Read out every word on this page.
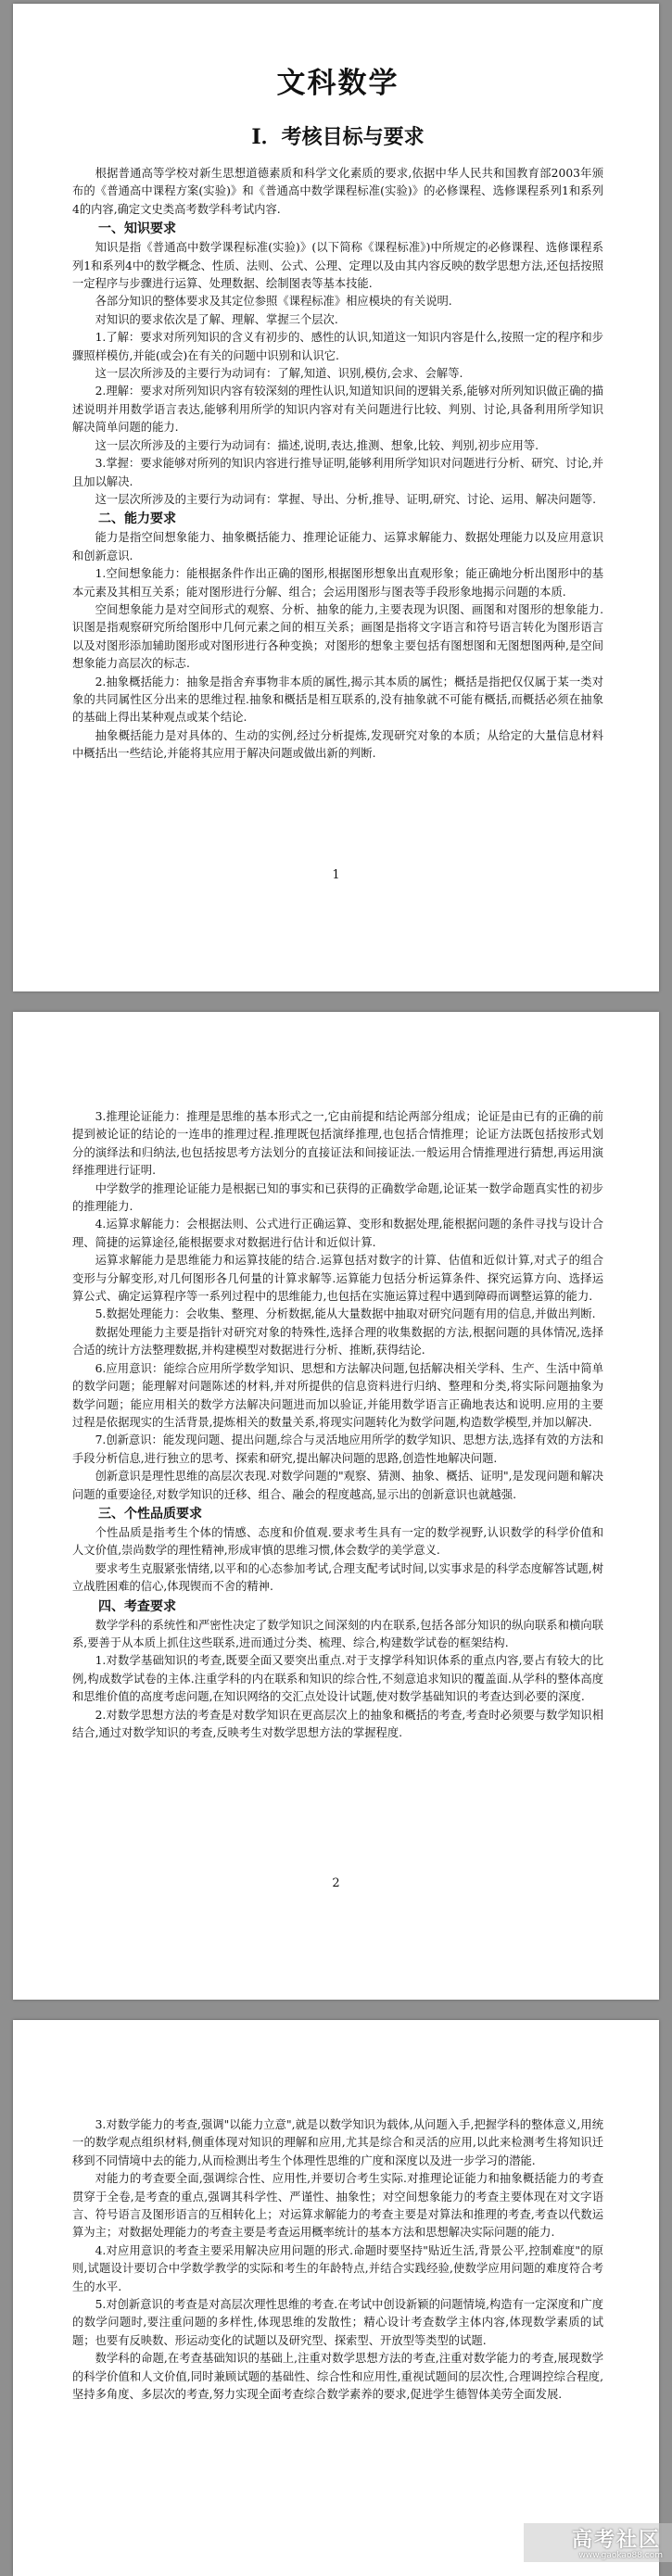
文科数学
Ⅰ．考核目标与要求

根据普通高等学校对新生思想道德素质和科学文化素质的要求,依据中华人民共和国教育部2003年颁布的《普通高中课程方案(实验)》和《普通高中数学课程标准(实验)》的必修课程、选修课程系列1和系列4的内容,确定文史类高考数学科考试内容.

一、知识要求

知识是指《普通高中数学课程标准(实验)》(以下简称《课程标准》)中所规定的必修课程、选修课程系列1和系列4中的数学概念、性质、法则、公式、公理、定理以及由其内容反映的数学思想方法,还包括按照一定程序与步骤进行运算、处理数据、绘制图表等基本技能.

各部分知识的整体要求及其定位参照《课程标准》相应模块的有关说明.

对知识的要求依次是了解、理解、掌握三个层次.

1.了解：要求对所列知识的含义有初步的、感性的认识,知道这一知识内容是什么,按照一定的程序和步骤照样模仿,并能(或会)在有关的问题中识别和认识它.

这一层次所涉及的主要行为动词有：了解,知道、识别,模仿,会求、会解等.

2.理解：要求对所列知识内容有较深刻的理性认识,知道知识间的逻辑关系,能够对所列知识做正确的描述说明并用数学语言表达,能够利用所学的知识内容对有关问题进行比较、判别、讨论,具备利用所学知识解决简单问题的能力.

这一层次所涉及的主要行为动词有：描述,说明,表达,推测、想象,比较、判别,初步应用等.

3.掌握：要求能够对所列的知识内容进行推导证明,能够利用所学知识对问题进行分析、研究、讨论,并且加以解决.

这一层次所涉及的主要行为动词有：掌握、导出、分析,推导、证明,研究、讨论、运用、解决问题等.

二、能力要求

能力是指空间想象能力、抽象概括能力、推理论证能力、运算求解能力、数据处理能力以及应用意识和创新意识.

1.空间想象能力：能根据条件作出正确的图形,根据图形想象出直观形象；能正确地分析出图形中的基本元素及其相互关系；能对图形进行分解、组合；会运用图形与图表等手段形象地揭示问题的本质.

空间想象能力是对空间形式的观察、分析、抽象的能力,主要表现为识图、画图和对图形的想象能力.识图是指观察研究所给图形中几何元素之间的相互关系；画图是指将文字语言和符号语言转化为图形语言以及对图形添加辅助图形或对图形进行各种变换；对图形的想象主要包括有图想图和无图想图两种,是空间想象能力高层次的标志.

2.抽象概括能力：抽象是指舍弃事物非本质的属性,揭示其本质的属性；概括是指把仅仅属于某一类对象的共同属性区分出来的思维过程.抽象和概括是相互联系的,没有抽象就不可能有概括,而概括必须在抽象的基础上得出某种观点或某个结论.

抽象概括能力是对具体的、生动的实例,经过分析提炼,发现研究对象的本质；从给定的大量信息材料中概括出一些结论,并能将其应用于解决问题或做出新的判断.

1

3.推理论证能力：推理是思维的基本形式之一,它由前提和结论两部分组成；论证是由已有的正确的前提到被论证的结论的一连串的推理过程.推理既包括演绎推理,也包括合情推理；论证方法既包括按形式划分的演绎法和归纳法,也包括按思考方法划分的直接证法和间接证法.一般运用合情推理进行猜想,再运用演绎推理进行证明.

中学数学的推理论证能力是根据已知的事实和已获得的正确数学命题,论证某一数学命题真实性的初步的推理能力.

4.运算求解能力：会根据法则、公式进行正确运算、变形和数据处理,能根据问题的条件寻找与设计合理、简捷的运算途径,能根据要求对数据进行估计和近似计算.

运算求解能力是思维能力和运算技能的结合.运算包括对数字的计算、估值和近似计算,对式子的组合变形与分解变形,对几何图形各几何量的计算求解等.运算能力包括分析运算条件、探究运算方向、选择运算公式、确定运算程序等一系列过程中的思维能力,也包括在实施运算过程中遇到障碍而调整运算的能力.

5.数据处理能力：会收集、整理、分析数据,能从大量数据中抽取对研究问题有用的信息,并做出判断.

数据处理能力主要是指针对研究对象的特殊性,选择合理的收集数据的方法,根据问题的具体情况,选择合适的统计方法整理数据,并构建模型对数据进行分析、推断,获得结论.

6.应用意识：能综合应用所学数学知识、思想和方法解决问题,包括解决相关学科、生产、生活中简单的数学问题；能理解对问题陈述的材料,并对所提供的信息资料进行归纳、整理和分类,将实际问题抽象为数学问题；能应用相关的数学方法解决问题进而加以验证,并能用数学语言正确地表达和说明.应用的主要过程是依据现实的生活背景,提炼相关的数量关系,将现实问题转化为数学问题,构造数学模型,并加以解决.

7.创新意识：能发现问题、提出问题,综合与灵活地应用所学的数学知识、思想方法,选择有效的方法和手段分析信息,进行独立的思考、探索和研究,提出解决问题的思路,创造性地解决问题.

创新意识是理性思维的高层次表现.对数学问题的"观察、猜测、抽象、概括、证明",是发现问题和解决问题的重要途径,对数学知识的迁移、组合、融会的程度越高,显示出的创新意识也就越强.

三、个性品质要求

个性品质是指考生个体的情感、态度和价值观.要求考生具有一定的数学视野,认识数学的科学价值和人文价值,崇尚数学的理性精神,形成审慎的思维习惯,体会数学的美学意义.

要求考生克服紧张情绪,以平和的心态参加考试,合理支配考试时间,以实事求是的科学态度解答试题,树立战胜困难的信心,体现锲而不舍的精神.

四、考查要求

数学学科的系统性和严密性决定了数学知识之间深刻的内在联系,包括各部分知识的纵向联系和横向联系,要善于从本质上抓住这些联系,进而通过分类、梳理、综合,构建数学试卷的框架结构.

1.对数学基础知识的考查,既要全面又要突出重点.对于支撑学科知识体系的重点内容,要占有较大的比例,构成数学试卷的主体.注重学科的内在联系和知识的综合性,不刻意追求知识的覆盖面.从学科的整体高度和思维价值的高度考虑问题,在知识网络的交汇点处设计试题,使对数学基础知识的考查达到必要的深度.

2.对数学思想方法的考查是对数学知识在更高层次上的抽象和概括的考查,考查时必须要与数学知识相结合,通过对数学知识的考查,反映考生对数学思想方法的掌握程度.

2

3.对数学能力的考查,强调"以能力立意",就是以数学知识为载体,从问题入手,把握学科的整体意义,用统一的数学观点组织材料,侧重体现对知识的理解和应用,尤其是综合和灵活的应用,以此来检测考生将知识迁移到不同情境中去的能力,从而检测出考生个体理性思维的广度和深度以及进一步学习的潜能.

对能力的考查要全面,强调综合性、应用性,并要切合考生实际.对推理论证能力和抽象概括能力的考查贯穿于全卷,是考查的重点,强调其科学性、严谨性、抽象性；对空间想象能力的考查主要体现在对文字语言、符号语言及图形语言的互相转化上；对运算求解能力的考查主要是对算法和推理的考查,考查以代数运算为主；对数据处理能力的考查主要是考查运用概率统计的基本方法和思想解决实际问题的能力.

4.对应用意识的考查主要采用解决应用问题的形式.命题时要坚持"贴近生活,背景公平,控制难度"的原则,试题设计要切合中学数学教学的实际和考生的年龄特点,并结合实践经验,使数学应用问题的难度符合考生的水平.

5.对创新意识的考查是对高层次理性思维的考查.在考试中创设新颖的问题情境,构造有一定深度和广度的数学问题时,要注重问题的多样性,体现思维的发散性；精心设计考查数学主体内容,体现数学素质的试题；也要有反映数、形运动变化的试题以及研究型、探索型、开放型等类型的试题.

数学科的命题,在考查基础知识的基础上,注重对数学思想方法的考查,注重对数学能力的考查,展现数学的科学价值和人文价值,同时兼顾试题的基础性、综合性和应用性,重视试题间的层次性,合理调控综合程度,坚持多角度、多层次的考查,努力实现全面考查综合数学素养的要求,促进学生德智体美劳全面发展.

高考社区
www.gaokao88.com
